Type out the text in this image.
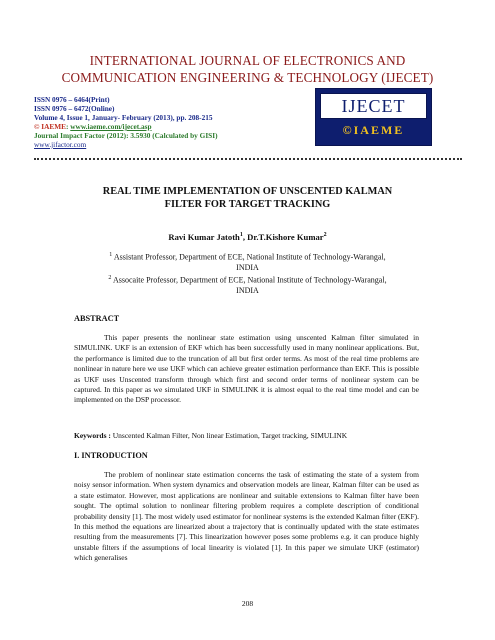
INTERNATIONAL JOURNAL OF ELECTRONICS AND
COMMUNICATION ENGINEERING & TECHNOLOGY (IJECET)
ISSN 0976 – 6464(Print)
ISSN 0976 – 6472(Online)
Volume 4, Issue 1, January- February (2013), pp. 208-215
© IAEME: www.iaeme.com/ijecet.asp
Journal Impact Factor (2012): 3.5930 (Calculated by GISI)
www.jifactor.com
IJECET
©IAEME
REAL TIME IMPLEMENTATION OF UNSCENTED KALMAN
FILTER FOR TARGET TRACKING
Ravi Kumar Jatoth$^1$, Dr.T.Kishore Kumar$^2$
$^1$ Assistant Professor, Department of ECE, National Institute of Technology-Warangal,
INDIA
$^2$ Assocaite Professor, Department of ECE, National Institute of Technology-Warangal,
INDIA
ABSTRACT

This paper presents the nonlinear state estimation using unscented Kalman filter simulated in SIMULINK. UKF is an extension of EKF which has been successfully used in many nonlinear applications. But, the performance is limited due to the truncation of all but first order terms. As most of the real time problems are nonlinear in nature here we use UKF which can achieve greater estimation performance than EKF. This is possible as UKF uses Unscented transform through which first and second order terms of nonlinear system can be captured. In this paper as we simulated UKF in SIMULINK it is almost equal to the real time model and can be implemented on the DSP processor.

Keywords : Unscented Kalman Filter, Non linear Estimation, Target tracking, SIMULINK
I. INTRODUCTION

The problem of nonlinear state estimation concerns the task of estimating the state of a system from noisy sensor information. When system dynamics and observation models are linear, Kalman filter can be used as a state estimator. However, most applications are nonlinear and suitable extensions to Kalman filter have been sought. The optimal solution to nonlinear filtering problem requires a complete description of conditional probability density [1]. The most widely used estimator for nonlinear systems is the extended Kalman filter (EKF). In this method the equations are linearized about a trajectory that is continually updated with the state estimates resulting from the measurements [7]. This linearization however poses some problems e.g. it can produce highly unstable filters if the assumptions of local linearity is violated [1]. In this paper we simulate UKF (estimator) which generalises

208
